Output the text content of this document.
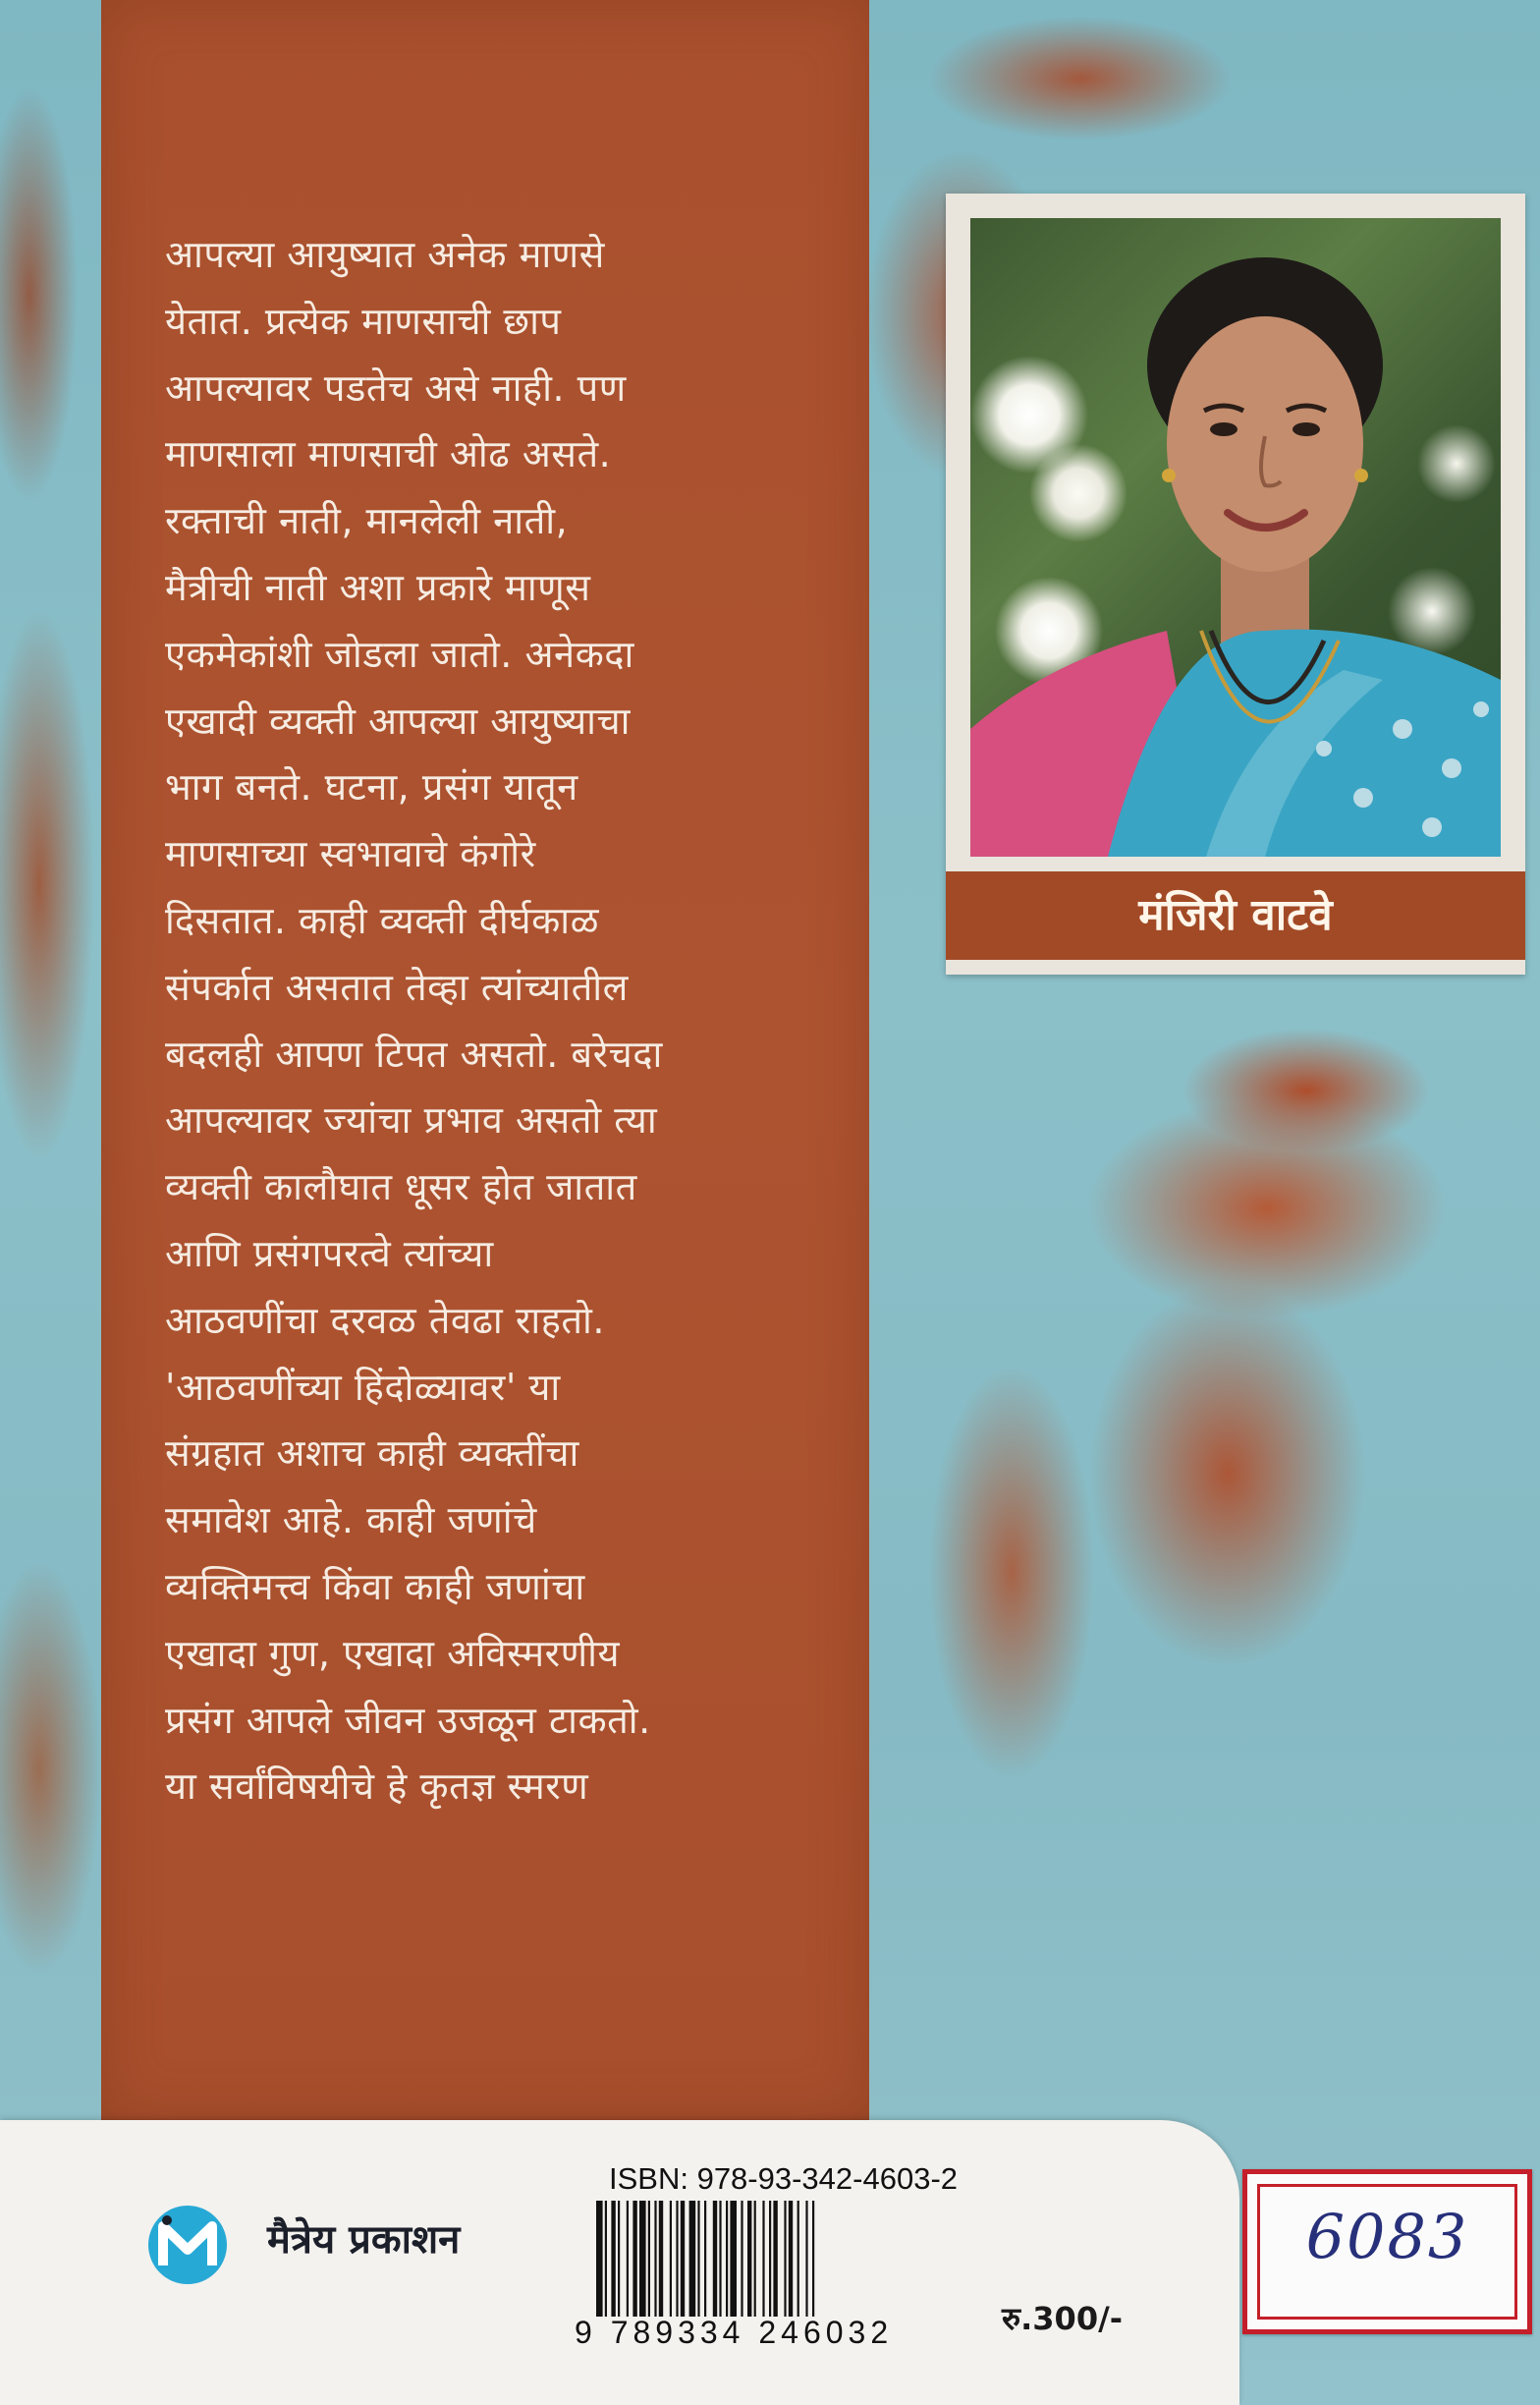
आपल्या आयुष्यात अनेक माणसे
येतात. प्रत्येक माणसाची छाप
आपल्यावर पडतेच असे नाही. पण
माणसाला माणसाची ओढ असते.
रक्ताची नाती, मानलेली नाती,
मैत्रीची नाती अशा प्रकारे माणूस
एकमेकांशी जोडला जातो. अनेकदा
एखादी व्यक्ती आपल्या आयुष्याचा
भाग बनते. घटना, प्रसंग यातून
माणसाच्या स्वभावाचे कंगोरे
दिसतात. काही व्यक्ती दीर्घकाळ
संपर्कात असतात तेव्हा त्यांच्यातील
बदलही आपण टिपत असतो. बरेचदा
आपल्यावर ज्यांचा प्रभाव असतो त्या
व्यक्ती कालौघात धूसर होत जातात
आणि प्रसंगपरत्वे त्यांच्या
आठवणींचा दरवळ तेवढा राहतो.
'आठवणींच्या हिंदोळ्यावर' या
संग्रहात अशाच काही व्यक्तींचा
समावेश आहे. काही जणांचे
व्यक्तिमत्त्व किंवा काही जणांचा
एखादा गुण, एखादा अविस्मरणीय
प्रसंग आपले जीवन उजळून टाकतो.
या सर्वांविषयीचे हे कृतज्ञ स्मरण

मंजिरी वाटवे
मैत्रेय प्रकाशन
ISBN: 978-93-342-4603-2
9 789334 246032	रु.300/-
6083
